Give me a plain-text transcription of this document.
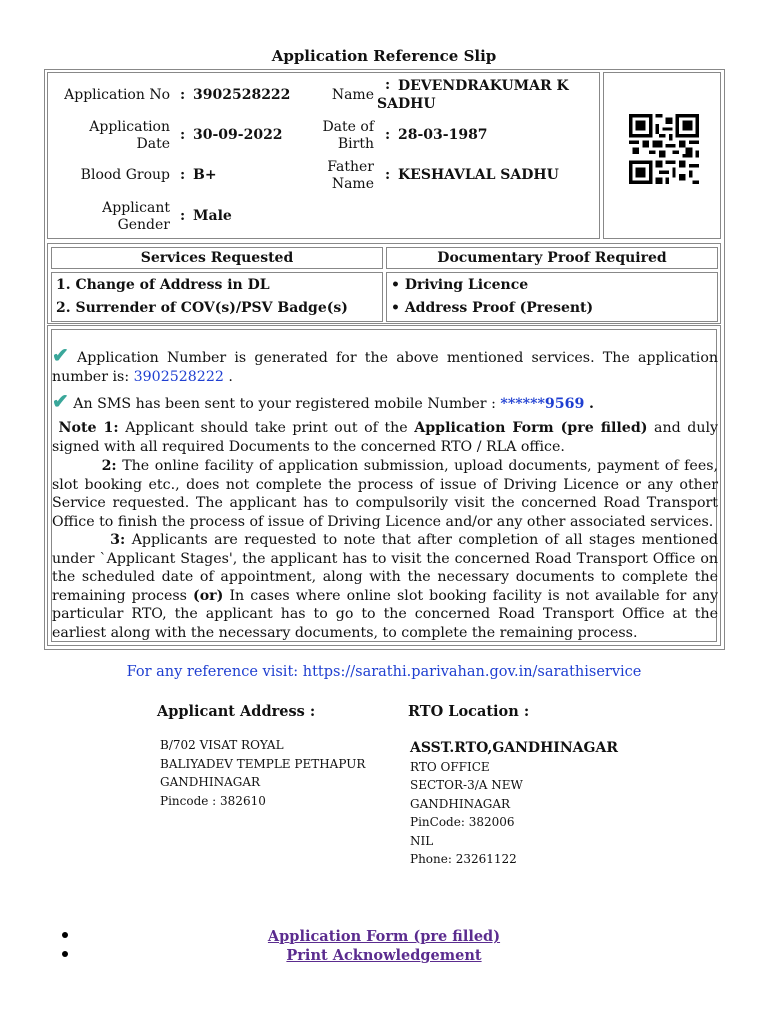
Application Reference Slip
Application No : 3902528222
Application
Date
: 30-09-2022
Blood Group : B+
Applicant
Gender
: Male
Name
: DEVENDRAKUMAR K
SADHU
Date of
Birth
: 28-03-1987
Father
Name
: KESHAVLAL SADHU
Services Requested	Documentary Proof Required
1. Change of Address in DL
2. Surrender of COV(s)/PSV Badge(s)
• Driving Licence
• Address Proof (Present)
✔ Application Number is generated for the above mentioned services. The application number is: 3902528222 .
✔ An SMS has been sent to your registered mobile Number : ******9569 .
Note 1: Applicant should take print out of the Application Form (pre filled) and duly signed with all required Documents to the concerned RTO / RLA office.
2: The online facility of application submission, upload documents, payment of fees, slot booking etc., does not complete the process of issue of Driving Licence or any other Service requested. The applicant has to compulsorily visit the concerned Road Transport Office to finish the process of issue of Driving Licence and/or any other associated services.
3: Applicants are requested to note that after completion of all stages mentioned under `Applicant Stages', the applicant has to visit the concerned Road Transport Office on the scheduled date of appointment, along with the necessary documents to complete the remaining process (or) In cases where online slot booking facility is not available for any particular RTO, the applicant has to go to the concerned Road Transport Office at the earliest along with the necessary documents, to complete the remaining process.
For any reference visit: https://sarathi.parivahan.gov.in/sarathiservice
Applicant Address :
B/702 VISAT ROYAL
BALIYADEV TEMPLE PETHAPUR
GANDHINAGAR
Pincode : 382610
RTO Location :
ASST.RTO,GANDHINAGAR
RTO OFFICE
SECTOR-3/A NEW
GANDHINAGAR
PinCode: 382006
NIL
Phone: 23261122
Application Form (pre filled)
Print Acknowledgement
